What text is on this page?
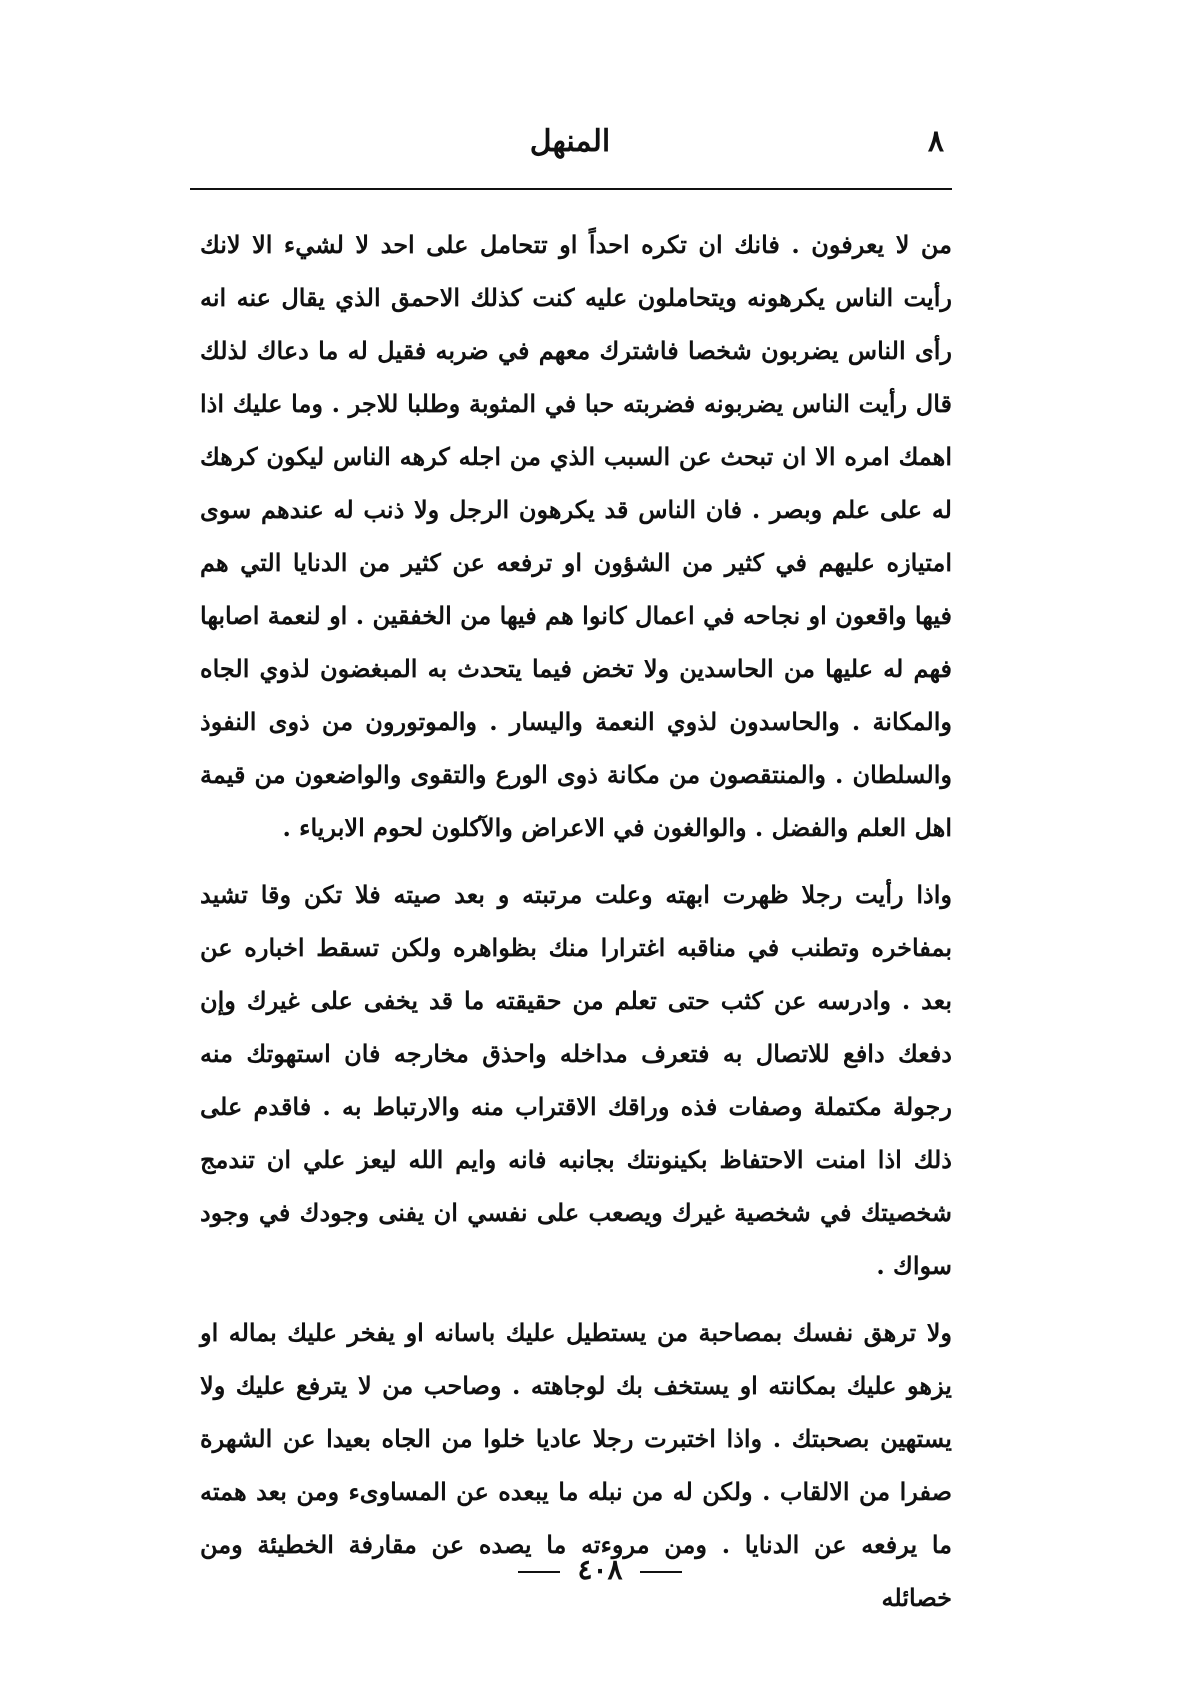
المنهل	٨

من لا يعرفون . فانك ان تكره احداً او تتحامل على احد لا لشيء الا لانك رأيت الناس يكرهونه ويتحاملون عليه كنت كذلك الاحمق الذي يقال عنه انه رأى الناس يضربون شخصا فاشترك معهم في ضربه فقيل له ما دعاك لذلك قال رأيت الناس يضربونه فضربته حبا في المثوبة وطلبا للاجر . وما عليك اذا اهمك امره الا ان تبحث عن السبب الذي من اجله كرهه الناس ليكون كرهك له على علم وبصر . فان الناس قد يكرهون الرجل ولا ذنب له عندهم سوى امتيازه عليهم في كثير من الشؤون او ترفعه عن كثير من الدنايا التي هم فيها واقعون او نجاحه في اعمال كانوا هم فيها من الخفقين . او لنعمة اصابها فهم له عليها من الحاسدين ولا تخض فيما يتحدث به المبغضون لذوي الجاه والمكانة . والحاسدون لذوي النعمة واليسار . والموتورون من ذوى النفوذ والسلطان . والمنتقصون من مكانة ذوى الورع والتقوى والواضعون من قيمة اهل العلم والفضل . والوالغون في الاعراض والآكلون لحوم الابرياء .

واذا رأيت رجلا ظهرت ابهته وعلت مرتبته و بعد صيته فلا تكن وقا تشيد بمفاخره وتطنب في مناقبه اغترارا منك بظواهره ولكن تسقط اخباره عن بعد . وادرسه عن كثب حتى تعلم من حقيقته ما قد يخفى على غيرك وإن دفعك دافع للاتصال به فتعرف مداخله واحذق مخارجه فان استهوتك منه رجولة مكتملة وصفات فذه وراقك الاقتراب منه والارتباط به . فاقدم على ذلك اذا امنت الاحتفاظ بكينونتك بجانبه فانه وايم الله ليعز علي ان تندمج شخصيتك في شخصية غيرك ويصعب على نفسي ان يفنى وجودك في وجود سواك .

ولا ترهق نفسك بمصاحبة من يستطيل عليك باسانه او يفخر عليك بماله او يزهو عليك بمكانته او يستخف بك لوجاهته . وصاحب من لا يترفع عليك ولا يستهين بصحبتك . واذا اختبرت رجلا عاديا خلوا من الجاه بعيدا عن الشهرة صفرا من الالقاب . ولكن له من نبله ما يبعده عن المساوىء ومن بعد همته ما يرفعه عن الدنايا . ومن مروءته ما يصده عن مقارفة الخطيئة ومن خصائله

٤٠٨
